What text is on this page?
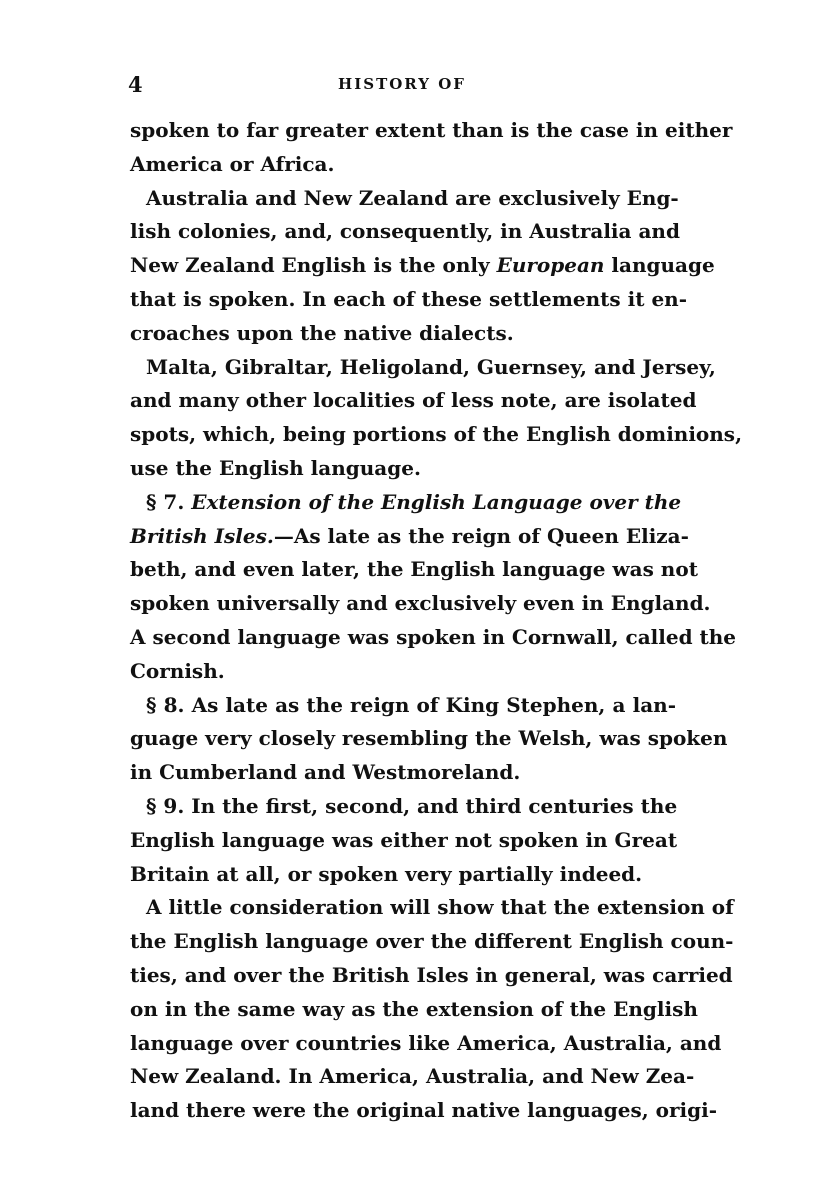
4	HISTORY OF
spoken to far greater extent than is the case in either
America or Africa.
Australia and New Zealand are exclusively Eng-
lish colonies, and, consequently, in Australia and
New Zealand English is the only European language
that is spoken. In each of these settlements it en-
croaches upon the native dialects.
Malta, Gibraltar, Heligoland, Guernsey, and Jersey,
and many other localities of less note, are isolated
spots, which, being portions of the English dominions,
use the English language.
§ 7. Extension of the English Language over the
British Isles.—As late as the reign of Queen Eliza-
beth, and even later, the English language was not
spoken universally and exclusively even in England.
A second language was spoken in Cornwall, called the
Cornish.
§ 8. As late as the reign of King Stephen, a lan-
guage very closely resembling the Welsh, was spoken
in Cumberland and Westmoreland.
§ 9. In the first, second, and third centuries the
English language was either not spoken in Great
Britain at all, or spoken very partially indeed.
A little consideration will show that the extension of
the English language over the different English coun-
ties, and over the British Isles in general, was carried
on in the same way as the extension of the English
language over countries like America, Australia, and
New Zealand. In America, Australia, and New Zea-
land there were the original native languages, origi-
